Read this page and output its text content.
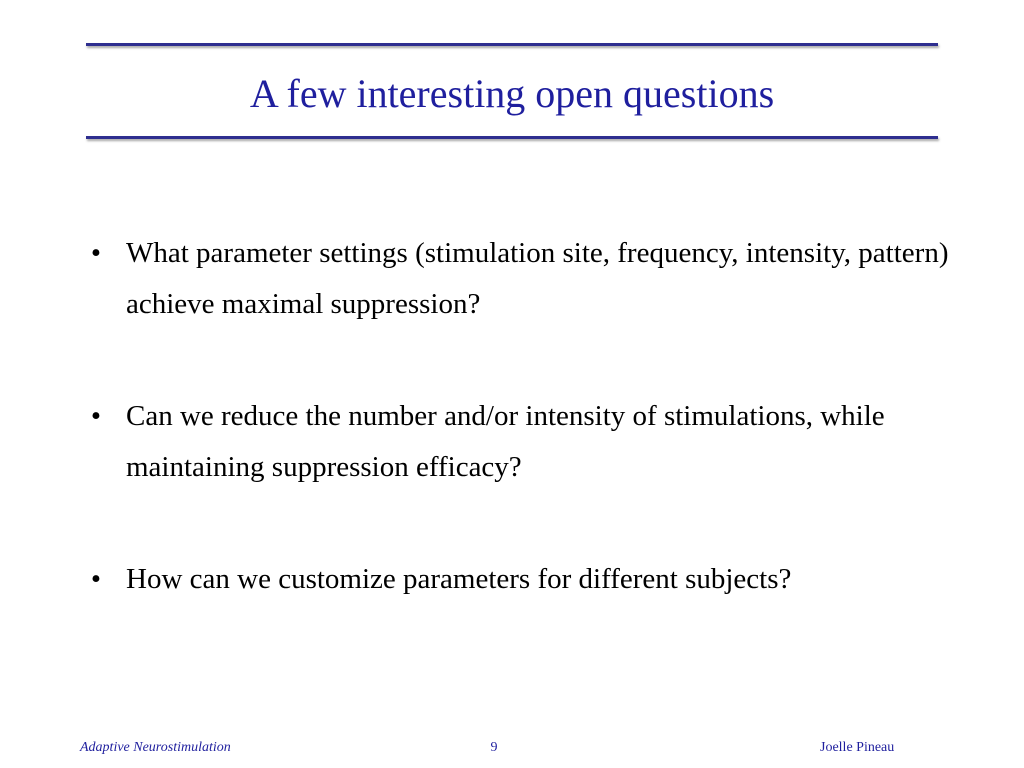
A few interesting open questions
• What parameter settings (stimulation site, frequency, intensity, pattern) achieve maximal suppression?
• Can we reduce the number and/or intensity of stimulations, while maintaining suppression efficacy?
• How can we customize parameters for different subjects?
Adaptive Neurostimulation	9	Joelle Pineau
